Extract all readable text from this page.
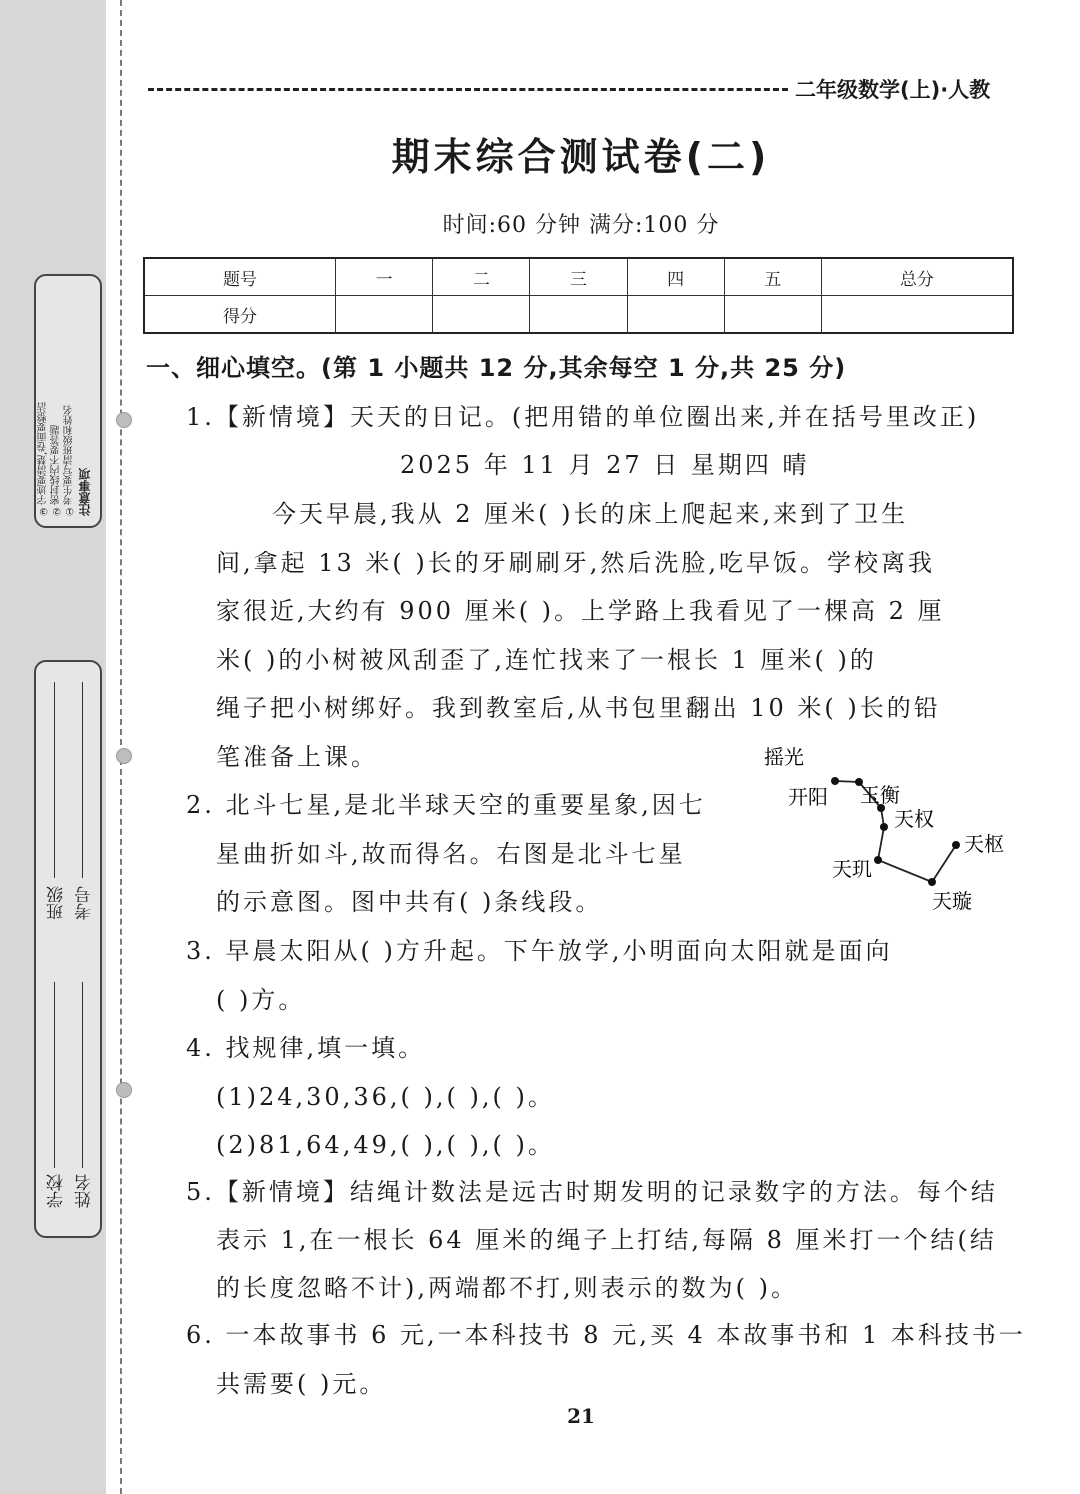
注意事项
①考生要写清班级和姓名
②密封线内不要答题
③字迹要清楚,卷面要整洁
学校
班级
姓名
考号
二年级数学(上)·人教
期末综合测试卷(二)
时间:60 分钟 满分:100 分
题号	一	二	三	四	五	总分
得分						
一、细心填空。(第 1 小题共 12 分,其余每空 1 分,共 25 分)
1.【新情境】天天的日记。(把用错的单位圈出来,并在括号里改正)
2025 年 11 月 27 日 星期四 晴
今天早晨,我从 2 厘米( )长的床上爬起来,来到了卫生
间,拿起 13 米( )长的牙刷刷牙,然后洗脸,吃早饭。学校离我
家很近,大约有 900 厘米( )。上学路上我看见了一棵高 2 厘
米( )的小树被风刮歪了,连忙找来了一根长 1 厘米( )的
绳子把小树绑好。我到教室后,从书包里翻出 10 米( )长的铅
笔准备上课。
2. 北斗七星,是北半球天空的重要星象,因七
星曲折如斗,故而得名。右图是北斗七星
的示意图。图中共有( )条线段。
摇光
开阳 玉衡
天权
天枢
天玑
天璇
3. 早晨太阳从( )方升起。下午放学,小明面向太阳就是面向
( )方。
4. 找规律,填一填。
(1)24,30,36,( ),( ),( )。
(2)81,64,49,( ),( ),( )。
5.【新情境】结绳计数法是远古时期发明的记录数字的方法。每个结
表示 1,在一根长 64 厘米的绳子上打结,每隔 8 厘米打一个结(结
的长度忽略不计),两端都不打,则表示的数为( )。
6. 一本故事书 6 元,一本科技书 8 元,买 4 本故事书和 1 本科技书一
共需要( )元。
21
